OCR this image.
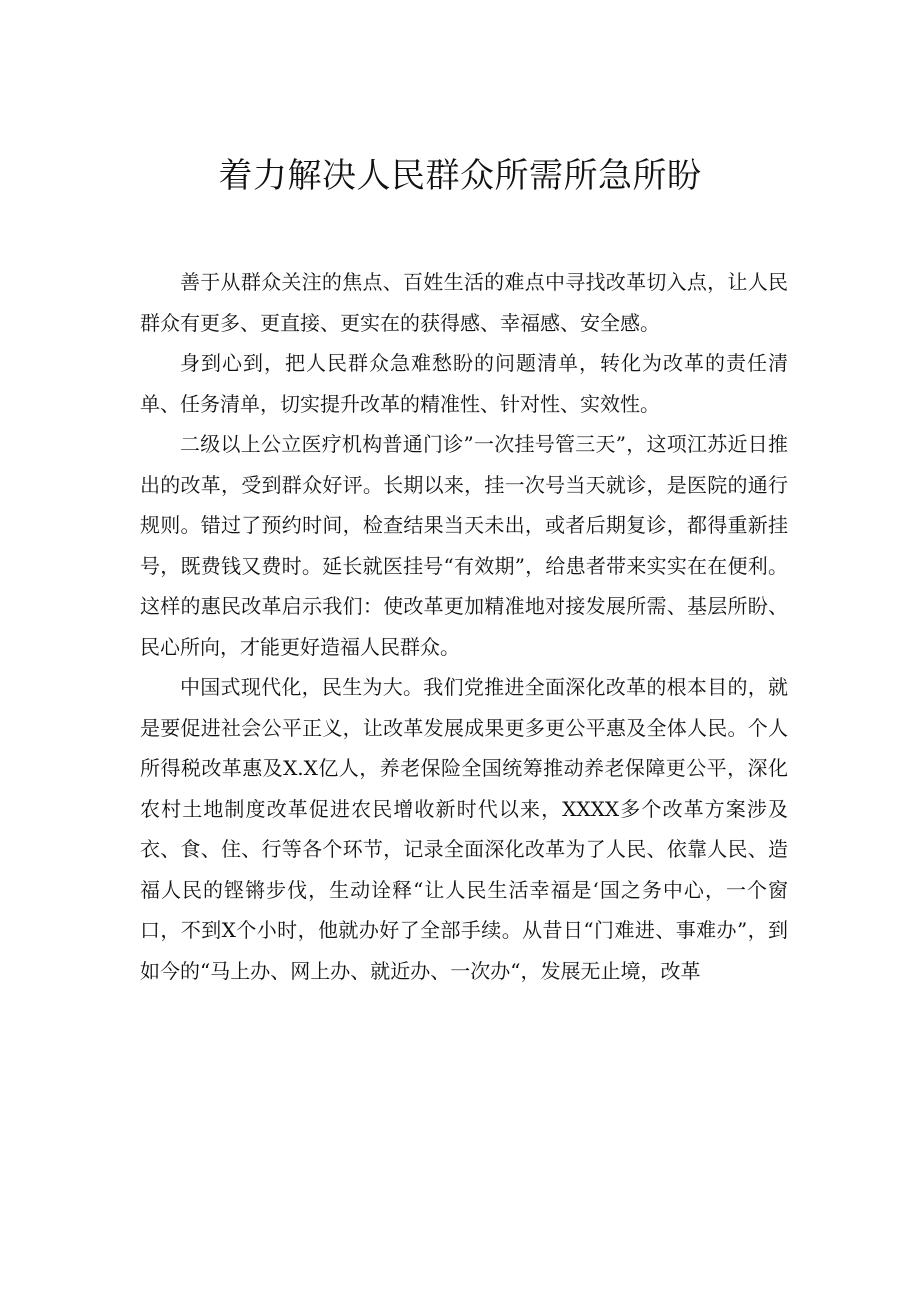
着力解决人民群众所需所急所盼

善于从群众关注的焦点、百姓生活的难点中寻找改革切入点，让人民群众有更多、更直接、更实在的获得感、幸福感、安全感。

身到心到，把人民群众急难愁盼的问题清单，转化为改革的责任清单、任务清单，切实提升改革的精准性、针对性、实效性。

二级以上公立医疗机构普通门诊”一次挂号管三天”，这项江苏近日推出的改革，受到群众好评。长期以来，挂一次号当天就诊，是医院的通行规则。错过了预约时间，检查结果当天未出，或者后期复诊，都得重新挂号，既费钱又费时。延长就医挂号“有效期”，给患者带来实实在在便利。这样的惠民改革启示我们：使改革更加精准地对接发展所需、基层所盼、民心所向，才能更好造福人民群众。

中国式现代化，民生为大。我们党推进全面深化改革的根本目的，就是要促进社会公平正义，让改革发展成果更多更公平惠及全体人民。个人所得税改革惠及X.X亿人，养老保险全国统筹推动养老保障更公平，深化农村土地制度改革促进农民增收新时代以来，XXXX多个改革方案涉及衣、食、住、行等各个环节，记录全面深化改革为了人民、依靠人民、造福人民的铿锵步伐，生动诠释“让人民生活幸福是‘国之务中心，一个窗口，不到X个小时，他就办好了全部手续。从昔日“门难进、事难办”，到如今的“马上办、网上办、就近办、一次办“，发展无止境，改革
